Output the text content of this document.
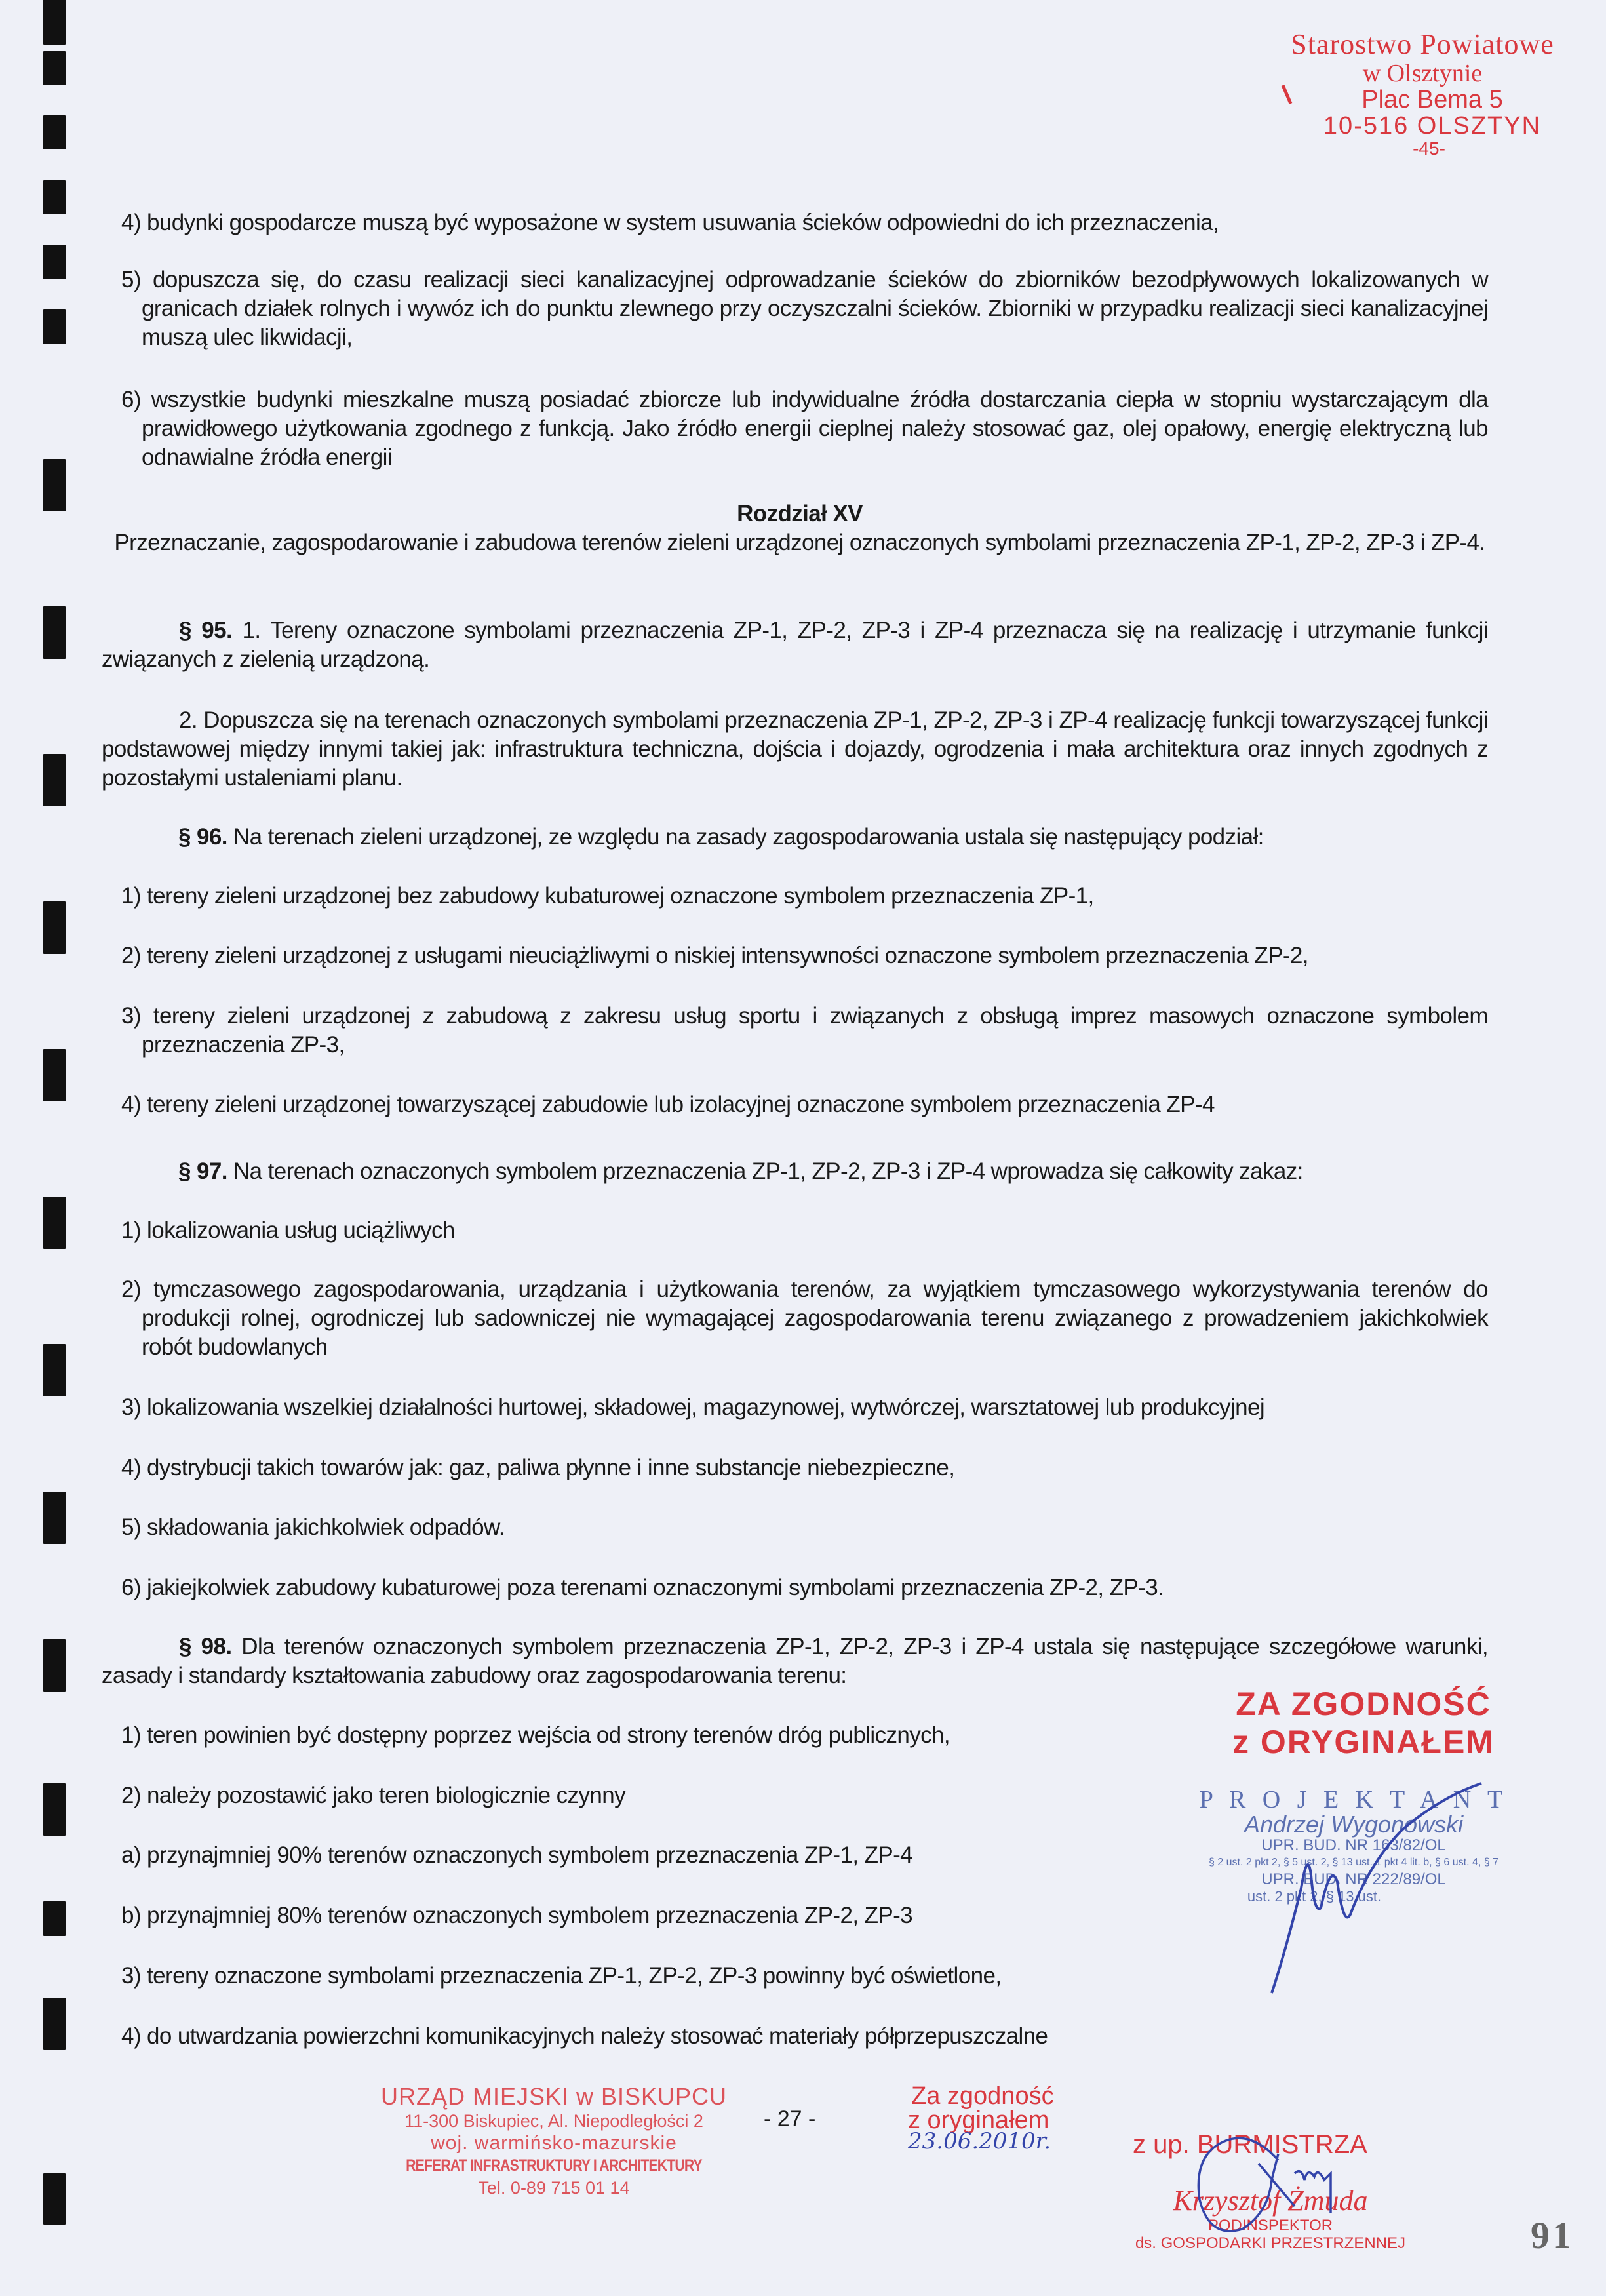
Starostwo Powiatowe
w Olsztynie
Plac Bema 5
10-516 OLSZTYN
-45-
4) budynki gospodarcze muszą być wyposażone w system usuwania ścieków odpowiedni do ich przeznaczenia,
5) dopuszcza się, do czasu realizacji sieci kanalizacyjnej odprowadzanie ścieków do zbiorników bezodpływowych lokalizowanych w granicach działek rolnych i wywóz ich do punktu zlewnego przy oczyszczalni ścieków. Zbiorniki w przypadku realizacji sieci kanalizacyjnej muszą ulec likwidacji,
6) wszystkie budynki mieszkalne muszą posiadać zbiorcze lub indywidualne źródła dostarczania ciepła w stopniu wystarczającym dla prawidłowego użytkowania zgodnego z funkcją. Jako źródło energii cieplnej należy stosować gaz, olej opałowy, energię elektryczną lub odnawialne źródła energii
Rozdział XV
Przeznaczanie, zagospodarowanie i zabudowa terenów zieleni urządzonej oznaczonych symbolami przeznaczenia ZP-1, ZP-2, ZP-3 i ZP-4.
§ 95. 1. Tereny oznaczone symbolami przeznaczenia ZP-1, ZP-2, ZP-3 i ZP-4 przeznacza się na realizację i utrzymanie funkcji związanych z zielenią urządzoną.
2. Dopuszcza się na terenach oznaczonych symbolami przeznaczenia ZP-1, ZP-2, ZP-3 i ZP-4 realizację funkcji towarzyszącej funkcji podstawowej między innymi takiej jak: infrastruktura techniczna, dojścia i dojazdy, ogrodzenia i mała architektura oraz innych zgodnych z pozostałymi ustaleniami planu.
§ 96. Na terenach zieleni urządzonej, ze względu na zasady zagospodarowania ustala się następujący podział:
1) tereny zieleni urządzonej bez zabudowy kubaturowej oznaczone symbolem przeznaczenia ZP-1,
2) tereny zieleni urządzonej z usługami nieuciążliwymi o niskiej intensywności oznaczone symbolem przeznaczenia ZP-2,
3) tereny zieleni urządzonej z zabudową z zakresu usług sportu i związanych z obsługą imprez masowych oznaczone symbolem przeznaczenia ZP-3,
4) tereny zieleni urządzonej towarzyszącej zabudowie lub izolacyjnej oznaczone symbolem przeznaczenia ZP-4
§ 97. Na terenach oznaczonych symbolem przeznaczenia ZP-1, ZP-2, ZP-3 i ZP-4 wprowadza się całkowity zakaz:
1) lokalizowania usług uciążliwych
2) tymczasowego zagospodarowania, urządzania i użytkowania terenów, za wyjątkiem tymczasowego wykorzystywania terenów do produkcji rolnej, ogrodniczej lub sadowniczej nie wymagającej zagospodarowania terenu związanego z prowadzeniem jakichkolwiek robót budowlanych
3) lokalizowania wszelkiej działalności hurtowej, składowej, magazynowej, wytwórczej, warsztatowej lub produkcyjnej
4) dystrybucji takich towarów jak: gaz, paliwa płynne i inne substancje niebezpieczne,
5) składowania jakichkolwiek odpadów.
6) jakiejkolwiek zabudowy kubaturowej poza terenami oznaczonymi symbolami przeznaczenia ZP-2, ZP-3.
§ 98. Dla terenów oznaczonych symbolem przeznaczenia ZP-1, ZP-2, ZP-3 i ZP-4 ustala się następujące szczegółowe warunki, zasady i standardy kształtowania zabudowy oraz zagospodarowania terenu:
1) teren powinien być dostępny poprzez wejścia od strony terenów dróg publicznych,
2) należy pozostawić jako teren biologicznie czynny
a) przynajmniej 90% terenów oznaczonych symbolem przeznaczenia ZP-1, ZP-4
b) przynajmniej 80% terenów oznaczonych symbolem przeznaczenia ZP-2, ZP-3
3) tereny oznaczone symbolami przeznaczenia ZP-1, ZP-2, ZP-3 powinny być oświetlone,
4) do utwardzania powierzchni komunikacyjnych należy stosować materiały półprzepuszczalne
ZA ZGODNOŚĆ
z ORYGINAŁEM
P R O J E K T A N T
Andrzej Wygonowski
UPR. BUD. NR 163/82/OL
§ 2 ust. 2 pkt 2, § 5 ust. 2, § 13 ust. 1 pkt 4 lit. b, § 6 ust. 4, § 7
UPR. BUD. NR 222/89/OL
ust. 2 pkt 2, § 13 ust.
URZĄD MIEJSKI w BISKUPCU
11-300 Biskupiec, Al. Niepodległości 2
woj. warmińsko-mazurskie
REFERAT INFRASTRUKTURY I ARCHITEKTURY
Tel. 0-89 715 01 14
- 27 -
Za zgodność
z oryginałem
23.06.2010r.	z up. BURMISTRZA
Krzysztof Żmuda
PODINSPEKTOR
ds. GOSPODARKI PRZESTRZENNEJ	91
